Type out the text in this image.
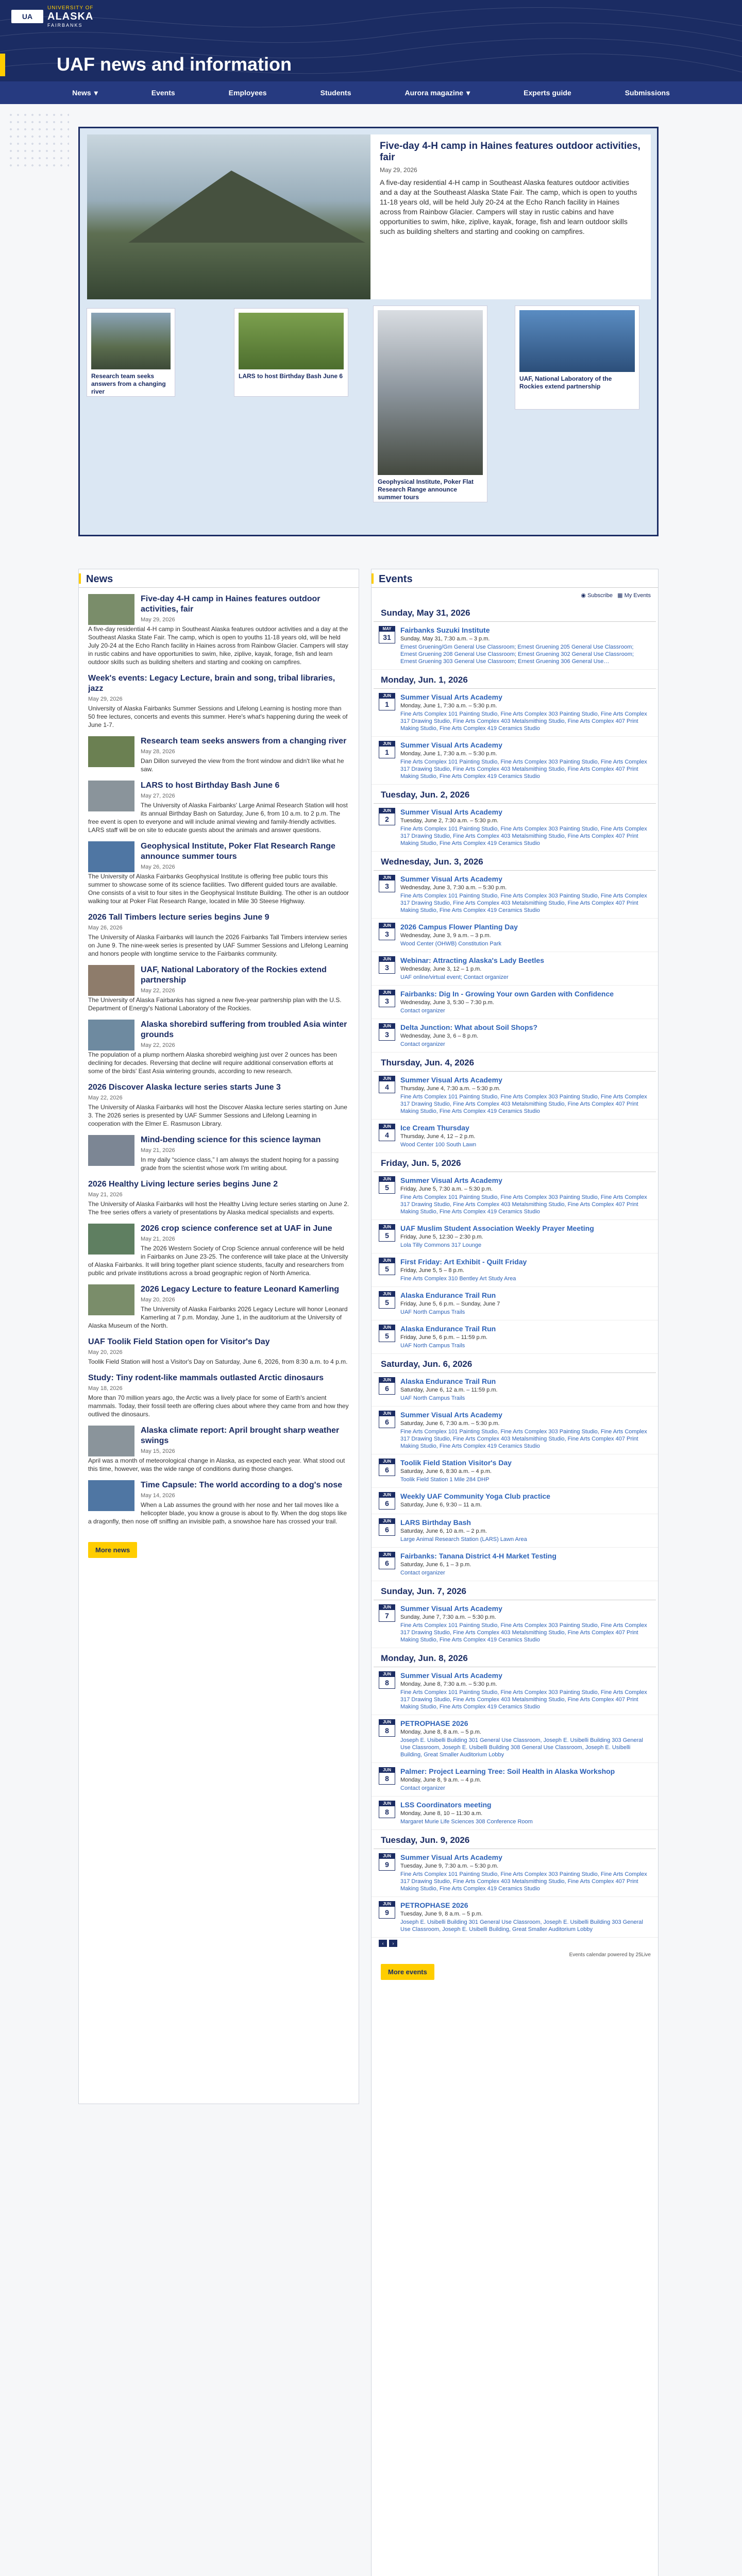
UA
UNIVERSITY OF
ALASKA
FAIRBANKS
UAF news and information
News ▾	Events	Employees	Students	Aurora magazine ▾	Experts guide	Submissions
Five-day 4-H camp in Haines features outdoor activities, fair
May 29, 2026

A five-day residential 4-H camp in Southeast Alaska features outdoor activities and a day at the Southeast Alaska State Fair. The camp, which is open to youths 11-18 years old, will be held July 20-24 at the Echo Ranch facility in Haines across from Rainbow Glacier. Campers will stay in rustic cabins and have opportunities to swim, hike, ziplive, kayak, forage, fish and learn outdoor skills such as building shelters and starting and cooking on campfires.

Research team seeks answers from a changing river
LARS to host Birthday Bash June 6
Geophysical Institute, Poker Flat Research Range announce summer tours
UAF, National Laboratory of the Rockies extend partnership
News
Five-day 4-H camp in Haines features outdoor activities, fair
May 29, 2026

A five-day residential 4-H camp in Southeast Alaska features outdoor activities and a day at the Southeast Alaska State Fair. The camp, which is open to youths 11-18 years old, will be held July 20-24 at the Echo Ranch facility in Haines across from Rainbow Glacier. Campers will stay in rustic cabins and have opportunities to swim, hike, ziplive, kayak, forage, fish and learn outdoor skills such as building shelters and starting and cooking on campfires.

Week's events: Legacy Lecture, brain and song, tribal libraries, jazz
May 29, 2026

University of Alaska Fairbanks Summer Sessions and Lifelong Learning is hosting more than 50 free lectures, concerts and events this summer. Here's what's happening during the week of June 1-7.

Research team seeks answers from a changing river
May 28, 2026

Dan Dillon surveyed the view from the front window and didn't like what he saw.

LARS to host Birthday Bash June 6
May 27, 2026

The University of Alaska Fairbanks' Large Animal Research Station will host its annual Birthday Bash on Saturday, June 6, from 10 a.m. to 2 p.m. The free event is open to everyone and will include animal viewing and family-friendly activities. LARS staff will be on site to educate guests about the animals and answer questions.

Geophysical Institute, Poker Flat Research Range announce summer tours
May 26, 2026

The University of Alaska Fairbanks Geophysical Institute is offering free public tours this summer to showcase some of its science facilities. Two different guided tours are available. One consists of a visit to four sites in the Geophysical Institute Building. The other is an outdoor walking tour at Poker Flat Research Range, located in Mile 30 Steese Highway.

2026 Tall Timbers lecture series begins June 9
May 26, 2026

The University of Alaska Fairbanks will launch the 2026 Fairbanks Tall Timbers interview series on June 9. The nine-week series is presented by UAF Summer Sessions and Lifelong Learning and honors people with longtime service to the Fairbanks community.

UAF, National Laboratory of the Rockies extend partnership
May 22, 2026

The University of Alaska Fairbanks has signed a new five-year partnership plan with the U.S. Department of Energy's National Laboratory of the Rockies.

Alaska shorebird suffering from troubled Asia winter grounds
May 22, 2026

The population of a plump northern Alaska shorebird weighing just over 2 ounces has been declining for decades. Reversing that decline will require additional conservation efforts at some of the birds' East Asia wintering grounds, according to new research.

2026 Discover Alaska lecture series starts June 3
May 22, 2026

The University of Alaska Fairbanks will host the Discover Alaska lecture series starting on June 3. The 2026 series is presented by UAF Summer Sessions and Lifelong Learning in cooperation with the Elmer E. Rasmuson Library.

Mind-bending science for this science layman
May 21, 2026

In my daily “science class,” I am always the student hoping for a passing grade from the scientist whose work I'm writing about.

2026 Healthy Living lecture series begins June 2
May 21, 2026

The University of Alaska Fairbanks will host the Healthy Living lecture series starting on June 2. The free series offers a variety of presentations by Alaska medical specialists and experts.

2026 crop science conference set at UAF in June
May 21, 2026

The 2026 Western Society of Crop Science annual conference will be held in Fairbanks on June 23-25. The conference will take place at the University of Alaska Fairbanks. It will bring together plant science students, faculty and researchers from public and private institutions across a broad geographic region of North America.

2026 Legacy Lecture to feature Leonard Kamerling
May 20, 2026

The University of Alaska Fairbanks 2026 Legacy Lecture will honor Leonard Kamerling at 7 p.m. Monday, June 1, in the auditorium at the University of Alaska Museum of the North.

UAF Toolik Field Station open for Visitor's Day
May 20, 2026

Toolik Field Station will host a Visitor's Day on Saturday, June 6, 2026, from 8:30 a.m. to 4 p.m.

Study: Tiny rodent-like mammals outlasted Arctic dinosaurs
May 18, 2026

More than 70 million years ago, the Arctic was a lively place for some of Earth's ancient mammals. Today, their fossil teeth are offering clues about where they came from and how they outlived the dinosaurs.

Alaska climate report: April brought sharp weather swings
May 15, 2026

April was a month of meteorological change in Alaska, as expected each year. What stood out this time, however, was the wide range of conditions during those changes.

Time Capsule: The world according to a dog's nose
May 14, 2026

When a Lab assumes the ground with her nose and her tail moves like a helicopter blade, you know a grouse is about to fly. When the dog stops like a dragonfly, then nose off sniffing an invisible path, a snowshoe hare has crossed your trail.

More news
Events
◉ Subscribe ▦ My Events
Sunday, May 31, 2026
MAY
31
Fairbanks Suzuki Institute
Sunday, May 31, 7:30 a.m. – 3 p.m.
Ernest Gruening/Gm General Use Classroom; Ernest Gruening 205 General Use Classroom; Ernest Gruening 208 General Use Classroom; Ernest Gruening 302 General Use Classroom; Ernest Gruening 303 General Use Classroom; Ernest Gruening 306 General Use…
Monday, Jun. 1, 2026
JUN
1
Summer Visual Arts Academy
Monday, June 1, 7:30 a.m. – 5:30 p.m.
Fine Arts Complex 101 Painting Studio, Fine Arts Complex 303 Painting Studio, Fine Arts Complex 317 Drawing Studio, Fine Arts Complex 403 Metalsmithing Studio, Fine Arts Complex 407 Print Making Studio, Fine Arts Complex 419 Ceramics Studio
JUN
1
Summer Visual Arts Academy
Monday, June 1, 7:30 a.m. – 5:30 p.m.
Fine Arts Complex 101 Painting Studio, Fine Arts Complex 303 Painting Studio, Fine Arts Complex 317 Drawing Studio, Fine Arts Complex 403 Metalsmithing Studio, Fine Arts Complex 407 Print Making Studio, Fine Arts Complex 419 Ceramics Studio
Tuesday, Jun. 2, 2026
JUN
2
Summer Visual Arts Academy
Tuesday, June 2, 7:30 a.m. – 5:30 p.m.
Fine Arts Complex 101 Painting Studio, Fine Arts Complex 303 Painting Studio, Fine Arts Complex 317 Drawing Studio, Fine Arts Complex 403 Metalsmithing Studio, Fine Arts Complex 407 Print Making Studio, Fine Arts Complex 419 Ceramics Studio
Wednesday, Jun. 3, 2026
JUN
3
Summer Visual Arts Academy
Wednesday, June 3, 7:30 a.m. – 5:30 p.m.
Fine Arts Complex 101 Painting Studio, Fine Arts Complex 303 Painting Studio, Fine Arts Complex 317 Drawing Studio, Fine Arts Complex 403 Metalsmithing Studio, Fine Arts Complex 407 Print Making Studio, Fine Arts Complex 419 Ceramics Studio
JUN
3
2026 Campus Flower Planting Day
Wednesday, June 3, 9 a.m. – 3 p.m.
Wood Center (OHWB) Constitution Park
JUN
3
Webinar: Attracting Alaska's Lady Beetles
Wednesday, June 3, 12 – 1 p.m.
UAF online/virtual event; Contact organizer
JUN
3
Fairbanks: Dig In - Growing Your own Garden with Confidence
Wednesday, June 3, 5:30 – 7:30 p.m.
Contact organizer
JUN
3
Delta Junction: What about Soil Shops?
Wednesday, June 3, 6 – 8 p.m.
Contact organizer
Thursday, Jun. 4, 2026
JUN
4
Summer Visual Arts Academy
Thursday, June 4, 7:30 a.m. – 5:30 p.m.
Fine Arts Complex 101 Painting Studio, Fine Arts Complex 303 Painting Studio, Fine Arts Complex 317 Drawing Studio, Fine Arts Complex 403 Metalsmithing Studio, Fine Arts Complex 407 Print Making Studio, Fine Arts Complex 419 Ceramics Studio
JUN
4
Ice Cream Thursday
Thursday, June 4, 12 – 2 p.m.
Wood Center 100 South Lawn
Friday, Jun. 5, 2026
JUN
5
Summer Visual Arts Academy
Friday, June 5, 7:30 a.m. – 5:30 p.m.
Fine Arts Complex 101 Painting Studio, Fine Arts Complex 303 Painting Studio, Fine Arts Complex 317 Drawing Studio, Fine Arts Complex 403 Metalsmithing Studio, Fine Arts Complex 407 Print Making Studio, Fine Arts Complex 419 Ceramics Studio
JUN
5
UAF Muslim Student Association Weekly Prayer Meeting
Friday, June 5, 12:30 – 2:30 p.m.
Lola Tilly Commons 317 Lounge
JUN
5
First Friday: Art Exhibit - Quilt Friday
Friday, June 5, 5 – 8 p.m.
Fine Arts Complex 310 Bentley Art Study Area
JUN
5
Alaska Endurance Trail Run
Friday, June 5, 6 p.m. – Sunday, June 7
UAF North Campus Trails
JUN
5
Alaska Endurance Trail Run
Friday, June 5, 6 p.m. – 11:59 p.m.
UAF North Campus Trails
Saturday, Jun. 6, 2026
JUN
6
Alaska Endurance Trail Run
Saturday, June 6, 12 a.m. – 11:59 p.m.
UAF North Campus Trails
JUN
6
Summer Visual Arts Academy
Saturday, June 6, 7:30 a.m. – 5:30 p.m.
Fine Arts Complex 101 Painting Studio, Fine Arts Complex 303 Painting Studio, Fine Arts Complex 317 Drawing Studio, Fine Arts Complex 403 Metalsmithing Studio, Fine Arts Complex 407 Print Making Studio, Fine Arts Complex 419 Ceramics Studio
JUN
6
Toolik Field Station Visitor's Day
Saturday, June 6, 8:30 a.m. – 4 p.m.
Toolik Field Station 1 Mile 284 DHP
JUN
6
Weekly UAF Community Yoga Club practice
Saturday, June 6, 9:30 – 11 a.m.
JUN
6
LARS Birthday Bash
Saturday, June 6, 10 a.m. – 2 p.m.
Large Animal Research Station (LARS) Lawn Area
JUN
6
Fairbanks: Tanana District 4-H Market Testing
Saturday, June 6, 1 – 3 p.m.
Contact organizer
Sunday, Jun. 7, 2026
JUN
7
Summer Visual Arts Academy
Sunday, June 7, 7:30 a.m. – 5:30 p.m.
Fine Arts Complex 101 Painting Studio, Fine Arts Complex 303 Painting Studio, Fine Arts Complex 317 Drawing Studio, Fine Arts Complex 403 Metalsmithing Studio, Fine Arts Complex 407 Print Making Studio, Fine Arts Complex 419 Ceramics Studio
Monday, Jun. 8, 2026
JUN
8
Summer Visual Arts Academy
Monday, June 8, 7:30 a.m. – 5:30 p.m.
Fine Arts Complex 101 Painting Studio, Fine Arts Complex 303 Painting Studio, Fine Arts Complex 317 Drawing Studio, Fine Arts Complex 403 Metalsmithing Studio, Fine Arts Complex 407 Print Making Studio, Fine Arts Complex 419 Ceramics Studio
JUN
8
PETROPHASE 2026
Monday, June 8, 8 a.m. – 5 p.m.
Joseph E. Usibelli Building 301 General Use Classroom, Joseph E. Usibelli Building 303 General Use Classroom, Joseph E. Usibelli Building 308 General Use Classroom, Joseph E. Usibelli Building, Great Smaller Auditorium Lobby
JUN
8
Palmer: Project Learning Tree: Soil Health in Alaska Workshop
Monday, June 8, 9 a.m. – 4 p.m.
Contact organizer
JUN
8
LSS Coordinators meeting
Monday, June 8, 10 – 11:30 a.m.
Margaret Murie Life Sciences 308 Conference Room
Tuesday, Jun. 9, 2026
JUN
9
Summer Visual Arts Academy
Tuesday, June 9, 7:30 a.m. – 5:30 p.m.
Fine Arts Complex 101 Painting Studio, Fine Arts Complex 303 Painting Studio, Fine Arts Complex 317 Drawing Studio, Fine Arts Complex 403 Metalsmithing Studio, Fine Arts Complex 407 Print Making Studio, Fine Arts Complex 419 Ceramics Studio
JUN
9
PETROPHASE 2026
Tuesday, June 9, 8 a.m. – 5 p.m.
Joseph E. Usibelli Building 301 General Use Classroom, Joseph E. Usibelli Building 303 General Use Classroom, Joseph E. Usibelli Building, Great Smaller Auditorium Lobby
‹	›
Events calendar powered by 25Live
More events
